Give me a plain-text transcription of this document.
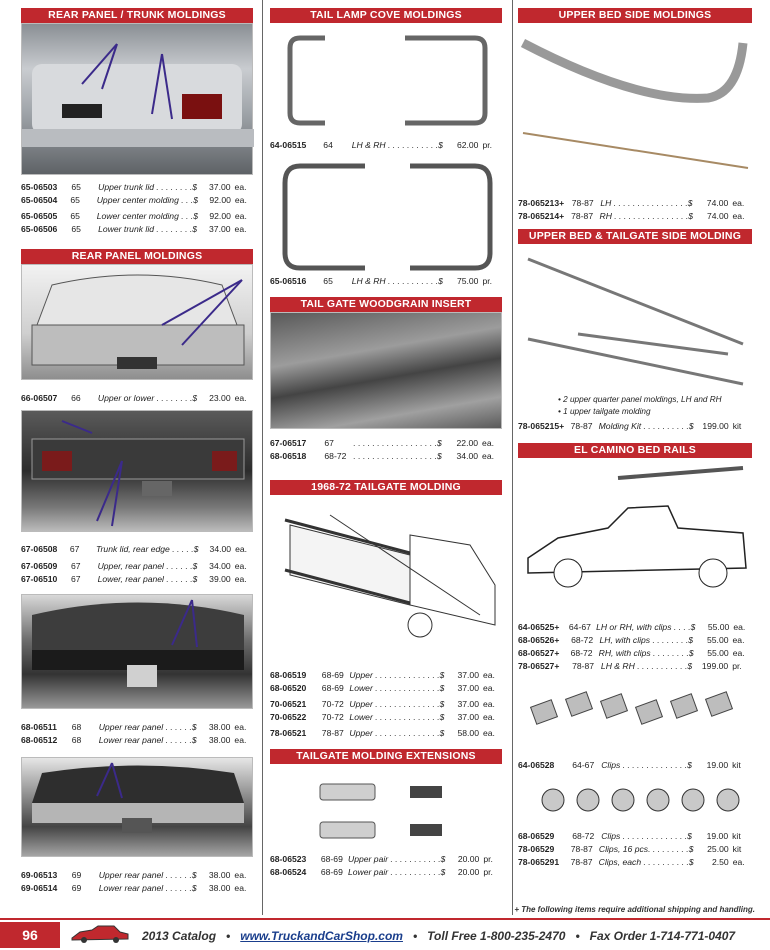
REAR PANEL / TRUNK MOLDINGS
65-06503	65	Upper trunk lid . . . . . . . .$	37.00 ea.
65-06504	65	Upper center molding . . .$	92.00 ea.
65-06505	65	Lower center molding . . .$	92.00 ea.
65-06506	65	Lower trunk lid . . . . . . . .$	37.00 ea.
REAR PANEL MOLDINGS
66-06507	66	Upper or lower . . . . . . . .$	23.00 ea.
67-06508	67	Trunk lid, rear edge . . . . .$	34.00 ea.
67-06509	67	Upper, rear panel . . . . . .$	34.00 ea.
67-06510	67	Lower, rear panel . . . . . .$	39.00 ea.
68-06511	68	Upper rear panel . . . . . .$	38.00 ea.
68-06512	68	Lower rear panel . . . . . .$	38.00 ea.
69-06513	69	Upper rear panel . . . . . .$	38.00 ea.
69-06514	69	Lower rear panel . . . . . .$	38.00 ea.
TAIL LAMP COVE MOLDINGS
64-06515	64	LH & RH . . . . . . . . . . .$	62.00 pr.
65-06516	65	LH & RH . . . . . . . . . . .$	75.00 pr.
TAIL GATE WOODGRAIN INSERT
67-06517	67	. . . . . . . . . . . . . . . . . .$	22.00 ea.
68-06518	68-72 . . . . . . . . . . . . . . . . . .$	34.00 ea.
1968-72 TAILGATE MOLDING
68-06519	68-69 Upper . . . . . . . . . . . . . .$	37.00 ea.
68-06520	68-69 Lower . . . . . . . . . . . . . .$	37.00 ea.
70-06521	70-72 Upper . . . . . . . . . . . . . .$	37.00 ea.
70-06522	70-72 Lower . . . . . . . . . . . . . .$	37.00 ea.
78-06521	78-87 Upper . . . . . . . . . . . . . .$	58.00 ea.
TAILGATE MOLDING EXTENSIONS
68-06523	68-69 Upper pair . . . . . . . . . . .$	20.00 pr.
68-06524	68-69 Lower pair . . . . . . . . . . .$	20.00 pr.
UPPER BED SIDE MOLDINGS
78-065213+ 78-87 LH . . . . . . . . . . . . . . . .$	74.00 ea.
78-065214+ 78-87 RH . . . . . . . . . . . . . . . .$	74.00 ea.
UPPER BED & TAILGATE SIDE MOLDING SET
• 2 upper quarter panel moldings, LH and RH
• 1 upper tailgate molding
78-065215+ 78-87 Molding Kit . . . . . . . . . .$	199.00 kit
EL CAMINO BED RAILS
64-06525+	64-67 LH or RH, with clips . . . .$	55.00 ea.
68-06526+	68-72 LH, with clips . . . . . . . .$	55.00 ea.
68-06527+	68-72 RH, with clips . . . . . . . .$	55.00 ea.
78-06527+	78-87 LH & RH . . . . . . . . . . .$	199.00 pr.
64-06528	64-67 Clips . . . . . . . . . . . . . .$	19.00 kit
68-06529	68-72 Clips . . . . . . . . . . . . . .$	19.00 kit
78-06529	78-87 Clips, 16 pcs. . . . . . . . .$	25.00 kit
78-065291	78-87 Clips, each . . . . . . . . . .$	2.50 ea.
+ The following items require additional shipping and handling.
96	2013 Catalog • www.TruckandCarShop.com • Toll Free 1-800-235-2470 • Fax Order 1-714-771-0407
